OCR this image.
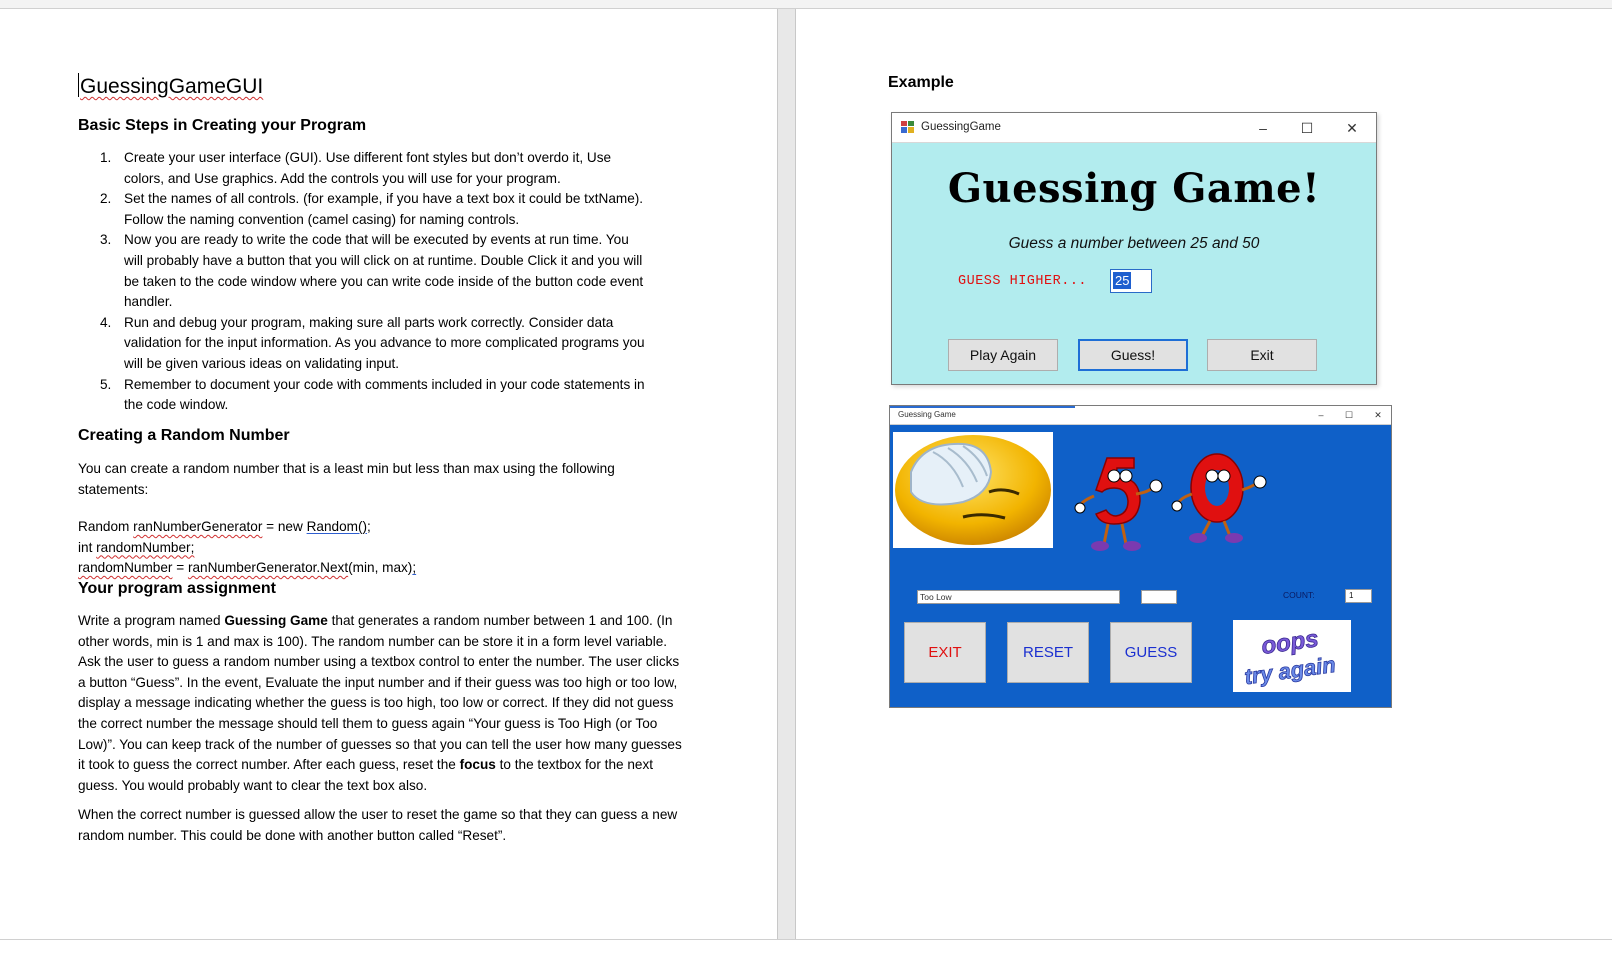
GuessingGameGUI
Basic Steps in Creating your Program
1. Create your user interface (GUI). Use different font styles but don’t overdo it, Use
colors, and Use graphics. Add the controls you will use for your program.
2. Set the names of all controls. (for example, if you have a text box it could be txtName).
Follow the naming convention (camel casing) for naming controls.
3. Now you are ready to write the code that will be executed by events at run time. You
will probably have a button that you will click on at runtime. Double Click it and you will
be taken to the code window where you can write code inside of the button code event
handler.
4. Run and debug your program, making sure all parts work correctly. Consider data
validation for the input information. As you advance to more complicated programs you
will be given various ideas on validating input.
5. Remember to document your code with comments included in your code statements in
the code window.
Creating a Random Number
You can create a random number that is a least min but less than max using the following
statements:
Random ranNumberGenerator = new Random();
int randomNumber;
randomNumber = ranNumberGenerator.Next(min, max);
Your program assignment
Write a program named Guessing Game that generates a random number between 1 and 100. (In other words, min is 1 and max is 100). The random number can be store it in a form level variable. Ask the user to guess a random number using a textbox control to enter the number. The user clicks a button “Guess”. In the event, Evaluate the input number and if their guess was too high or too low, display a message indicating whether the guess is too high, too low or correct. If they did not guess the correct number the message should tell them to guess again “Your guess is Too High (or Too Low)”. You can keep track of the number of guesses so that you can tell the user how many guesses it took to guess the correct number. After each guess, reset the focus to the textbox for the next guess. You would probably want to clear the text box also.
When the correct number is guessed allow the user to reset the game so that they can guess a new random number. This could be done with another button called “Reset”.
Example
GuessingGame	–	☐	✕
Guessing Game!
Guess a number between 25 and 50
GUESS HIGHER...	25
Play Again	Guess!	Exit
Guessing Game	–	☐	✕
Too Low	COUNT:	1
EXIT	RESET	GUESS	oops
try again
